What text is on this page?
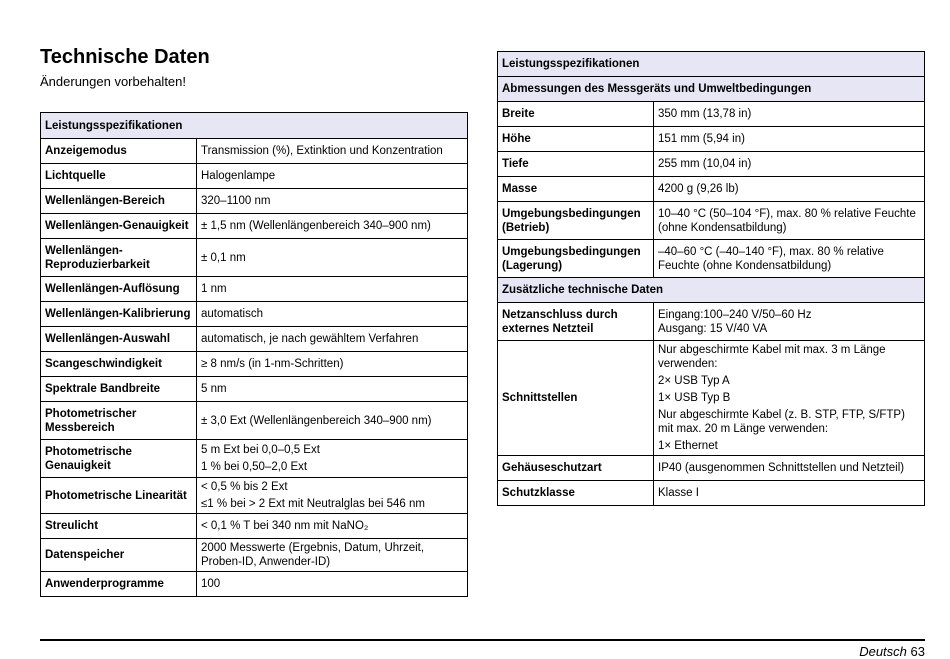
Technische Daten

Änderungen vorbehalten!

Leistungsspezifikationen	
Anzeigemodus	Transmission (%), Extinktion und Konzentration

Lichtquelle	Halogenlampe

Wellenlängen-Bereich	320–1100 nm

Wellenlängen-Genauigkeit	± 1,5 nm (Wellenlängenbereich 340–900 nm)

Wellenlängen-Reproduzierbarkeit	± 0,1 nm

Wellenlängen-Auflösung	1 nm

Wellenlängen-Kalibrierung	automatisch

Wellenlängen-Auswahl	automatisch, je nach gewähltem Verfahren

Scangeschwindigkeit	≥ 8 nm/s (in 1-nm-Schritten)

Spektrale Bandbreite	5 nm

Photometrischer Messbereich	± 3,0 Ext (Wellenlängenbereich 340–900 nm)

Photometrische Genauigkeit	5 m Ext bei 0,0–0,5 Ext
1 % bei 0,50–2,0 Ext

Photometrische Linearität	< 0,5 % bis 2 Ext
≤1 % bei > 2 Ext mit Neutralglas bei 546 nm

Streulicht	< 0,1 % T bei 340 nm mit NaNO₂

Datenspeicher	2000 Messwerte (Ergebnis, Datum, Uhrzeit, Proben-ID, Anwender-ID)

Anwenderprogramme	100
Leistungsspezifikationen	
Abmessungen des Messgeräts und Umweltbedingungen	
Breite	350 mm (13,78 in)

Höhe	151 mm (5,94 in)

Tiefe	255 mm (10,04 in)

Masse	4200 g (9,26 lb)

Umgebungsbedingungen (Betrieb)	10–40 °C (50–104 °F), max. 80 % relative Feuchte (ohne Kondensatbildung)

Umgebungsbedingungen (Lagerung)	–40–60 °C (–40–140 °F), max. 80 % relative Feuchte (ohne Kondensatbildung)

Zusätzliche technische Daten	
Netzanschluss durch externes Netzteil	Eingang:100–240 V/50–60 Hz
Ausgang: 15 V/40 VA

Schnittstellen	Nur abgeschirmte Kabel mit max. 3 m Länge verwenden:
2× USB Typ A
1× USB Typ B
Nur abgeschirmte Kabel (z. B. STP, FTP, S/FTP) mit max. 20 m Länge verwenden:
1× Ethernet

Gehäuseschutzart	IP40 (ausgenommen Schnittstellen und Netzteil)

Schutzklasse	Klasse I
Deutsch 63
